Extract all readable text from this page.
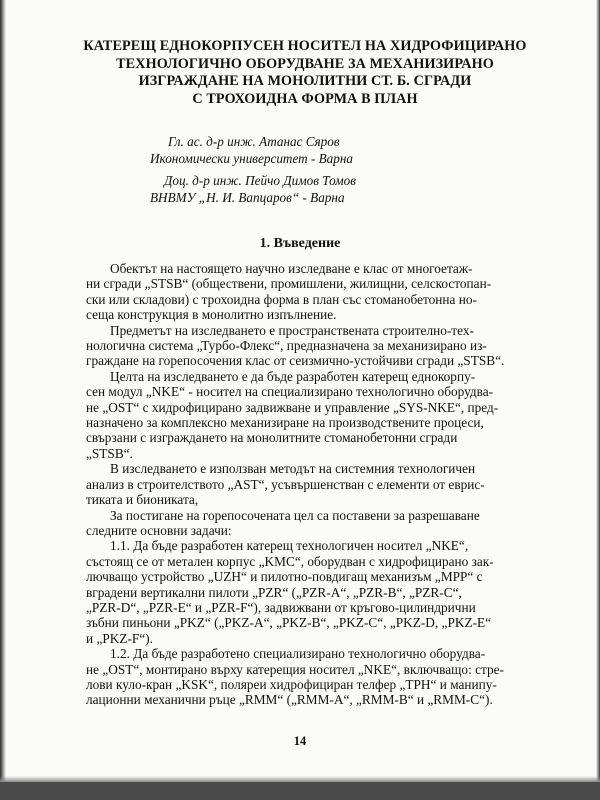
КАТЕРЕЩ ЕДНОКОРПУСЕН НОСИТЕЛ НА ХИДРОФИЦИРАНО
ТЕХНОЛОГИЧНО ОБОРУДВАНЕ ЗА МЕХАНИЗИРАНО
ИЗГРАЖДАНЕ НА МОНОЛИТНИ СТ. Б. СГРАДИ
С ТРОХОИДНА ФОРМА В ПЛАН
Гл. ас. д-р инж. Атанас Сяров
Икономически университет - Варна
Доц. д-р инж. Пейчо Димов Томов
ВНВМУ „Н. И. Вапцаров“ - Варна
1. Въведение
Обектът на настоящето научно изследване е клас от многоетаж-
ни сгради „STSB“ (обществени, промишлени, жилищни, селскостопан-
ски или складови) с трохоидна форма в план със стоманобетонна но-
сеща конструкция в монолитно изпълнение.
Предметът на изследването е пространствената строително-тех-
нологична система „Турбо-Флекс“, предназначена за механизирано из-
граждане на горепосочения клас от сеизмично-устойчиви сгради „STSB“.
Целта на изследването е да бъде разработен катерещ еднокорпу-
сен модул „NKE“ - носител на специализирано технологично оборудва-
не „OST“ с хидрофицирано задвижване и управление „SYS-NKE“, пред-
назначено за комплексно механизиране на производствените процеси,
свързани с изграждането на монолитните стоманобетонни сгради
„STSB“.
В изследването е използван методът на системния технологичен
анализ в строителството „AST“, усъвършенстван с елементи от еврис-
тиката и биониката,
За постигане на горепосочената цел са поставени за разрешаване
следните основни задачи:
1.1. Да бъде разработен катерещ технологичен носител „NKE“,
състоящ се от метален корпус „KMC“, оборудван с хидрофицирано зак-
лючващо устройство „UZH“ и пилотно-повдигащ механизъм „MPP“ с
вградени вертикални пилоти „PZR“ („PZR-A“, „PZR-B“, „PZR-C“,
„PZR-D“, „PZR-E“ и „PZR-F“), задвижвани от кръгово-цилиндрични
зъбни пиньони „PKZ“ („PKZ-A“, „PKZ-B“, „PKZ-C“, „PKZ-D, „PKZ-E“
и „PKZ-F“).
1.2. Да бъде разработено специализирано технологично оборудва-
не „OST“, монтирано върху катерещия носител „NKE“, включващо: стре-
лови куло-кран „KSK“, поляреи хидрофициран телфер „TPH“ и манипу-
лационни механични ръце „RMM“ („RMM-A“, „RMM-B“ и „RMM-C“).
14
